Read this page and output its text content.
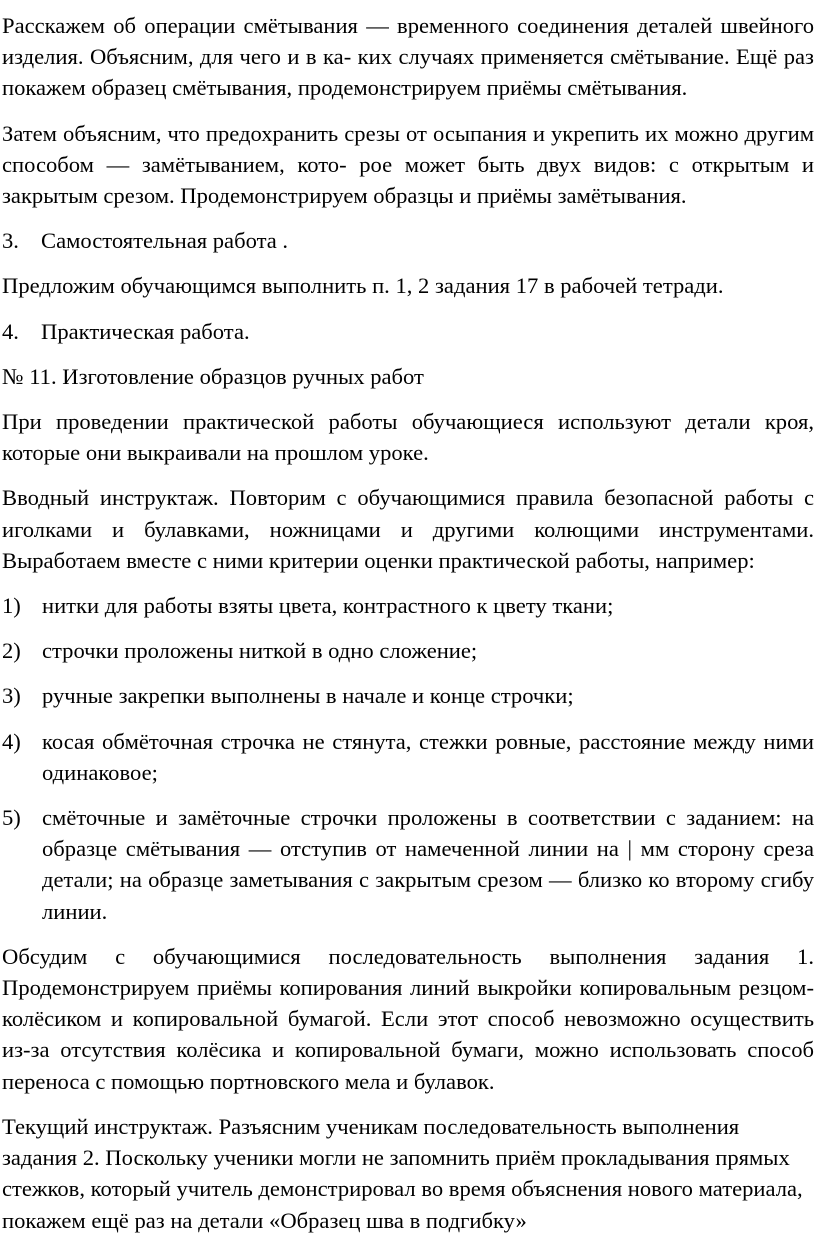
Расскажем об операции смётывания — временного соединения деталей швейного изделия. Объясним, для чего и в ка- ких случаях применяется смётывание. Ещё раз покажем образец смётывания, продемонстрируем приёмы смётывания.

Затем объясним, что предохранить срезы от осыпания и укрепить их можно другим способом — замётыванием, кото- рое может быть двух видов: с открытым и закрытым срезом. Продемонстрируем образцы и приёмы замётывания.

3. Самостоятельная работа .

Предложим обучающимся выполнить п. 1, 2 задания 17 в рабочей тетради.

4. Практическая работа.

№ 11. Изготовление образцов ручных работ

При проведении практической работы обучающиеся используют детали кроя, которые они выкраивали на прошлом уроке.

Вводный инструктаж. Повторим с обучающимися правила безопасной работы с иголками и булавками, ножницами и другими колющими инструментами. Выработаем вместе с ними критерии оценки практической работы, например:

1) нитки для работы взяты цвета, контрастного к цвету ткани;
2) строчки проложены ниткой в одно сложение;
3) ручные закрепки выполнены в начале и конце строчки;
4) косая обмёточная строчка не стянута, стежки ровные, расстояние между ними одинаковое;
5) смёточные и замёточные строчки проложены в соответствии с заданием: на образце смётывания — отступив от намеченной линии на | мм сторону среза детали; на образце заметывания с закрытым срезом — близко ко второму сгибу линии.

Обсудим с обучающимися последовательность выполнения задания 1. Продемонстрируем приёмы копирования линий выкройки копировальным резцом-колёсиком и копировальной бумагой. Если этот способ невозможно осуществить из-за отсутствия колёсика и копировальной бумаги, можно использовать способ переноса с помощью портновского мела и булавок.

Текущий инструктаж. Разъясним ученикам последовательность выполнения задания 2. Поскольку ученики могли не запомнить приём прокладывания прямых стежков, который учитель демонстрировал во время объяснения нового материала, покажем ещё раз на детали «Образец шва в подгибку»
